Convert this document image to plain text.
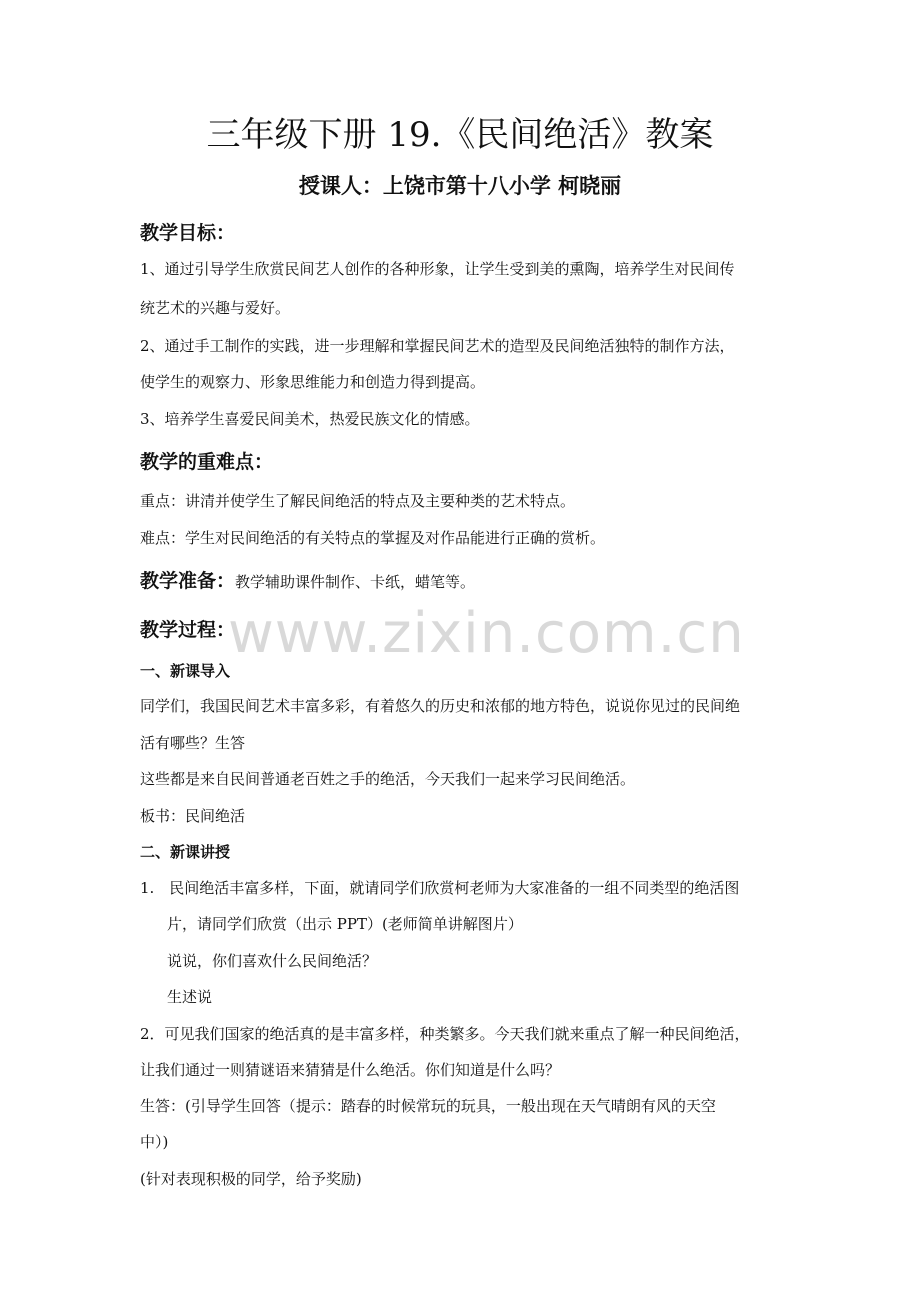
www.zixin.com.cn
三年级下册 19.《民间绝活》教案
授课人：上饶市第十八小学 柯晓丽
教学目标：
1、通过引导学生欣赏民间艺人创作的各种形象，让学生受到美的熏陶，培养学生对民间传
统艺术的兴趣与爱好。
2、通过手工制作的实践，进一步理解和掌握民间艺术的造型及民间绝活独特的制作方法，
使学生的观察力、形象思维能力和创造力得到提高。
3、培养学生喜爱民间美术，热爱民族文化的情感。
教学的重难点：
重点：讲清并使学生了解民间绝活的特点及主要种类的艺术特点。
难点：学生对民间绝活的有关特点的掌握及对作品能进行正确的赏析。
教学准备：教学辅助课件制作、卡纸，蜡笔等。
教学过程：
一、新课导入
同学们，我国民间艺术丰富多彩，有着悠久的历史和浓郁的地方特色，说说你见过的民间绝
活有哪些？生答
这些都是来自民间普通老百姓之手的绝活，今天我们一起来学习民间绝活。
板书：民间绝活
二、新课讲授
1.　民间绝活丰富多样，下面，就请同学们欣赏柯老师为大家准备的一组不同类型的绝活图
片，请同学们欣赏（出示 PPT）(老师简单讲解图片）
说说，你们喜欢什么民间绝活？
生述说
2．可见我们国家的绝活真的是丰富多样，种类繁多。今天我们就来重点了解一种民间绝活，
让我们通过一则猜谜语来猜猜是什么绝活。你们知道是什么吗？
生答：(引导学生回答（提示：踏春的时候常玩的玩具，一般出现在天气晴朗有风的天空
中）)
(针对表现积极的同学，给予奖励)
